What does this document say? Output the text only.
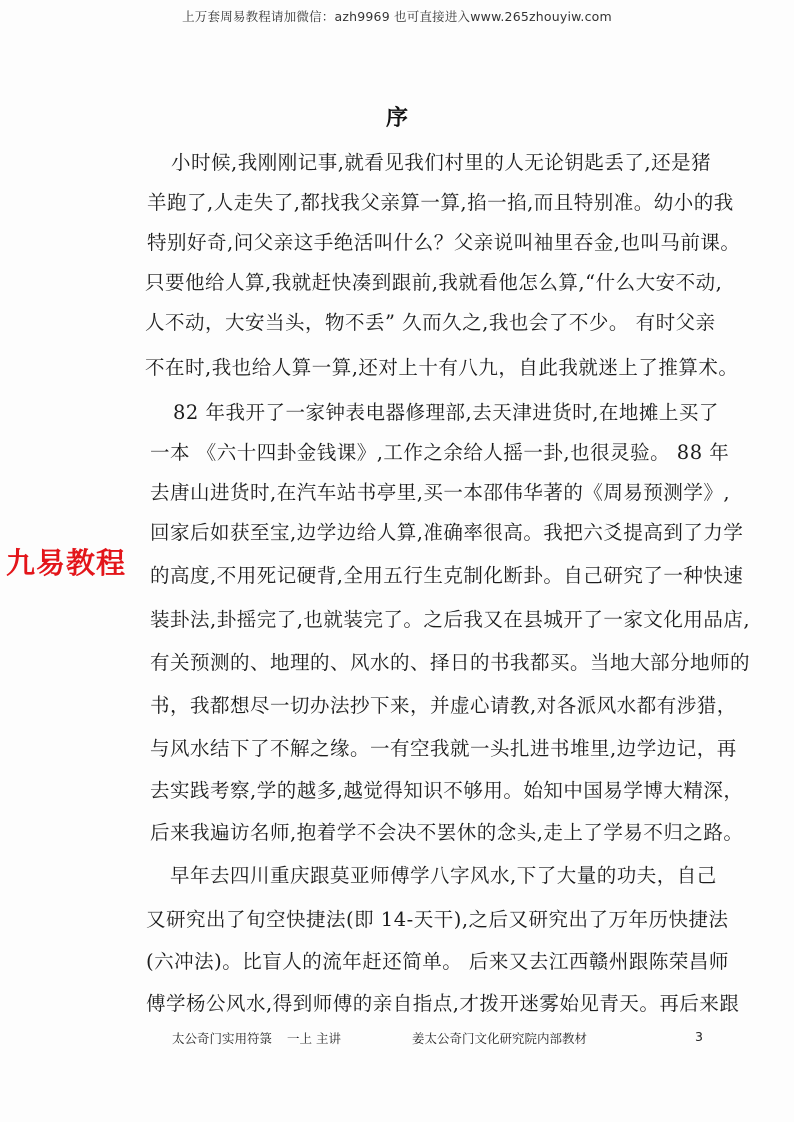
上万套周易教程请加微信：azh9969 也可直接进入www.265zhouyiw.com
序
小时候,我刚刚记事,就看见我们村里的人无论钥匙丢了,还是猪
羊跑了,人走失了,都找我父亲算一算,掐一掐,而且特别准。幼小的我
特别好奇,问父亲这手绝活叫什么？父亲说叫袖里吞金,也叫马前课。
只要他给人算,我就赶快凑到跟前,我就看他怎么算,“什么大安不动,
人不动，大安当头，物不丢” 久而久之,我也会了不少。 有时父亲
不在时,我也给人算一算,还对上十有八九，自此我就迷上了推算术。
82 年我开了一家钟表电器修理部,去天津进货时,在地摊上买了
一本 《六十四卦金钱课》,工作之余给人摇一卦,也很灵验。 88 年
去唐山进货时,在汽车站书亭里,买一本邵伟华著的《周易预测学》,
回家后如获至宝,边学边给人算,准确率很高。我把六爻提高到了力学
的高度,不用死记硬背,全用五行生克制化断卦。自己研究了一种快速
装卦法,卦摇完了,也就装完了。之后我又在县城开了一家文化用品店,
有关预测的、地理的、风水的、择日的书我都买。当地大部分地师的
书，我都想尽一切办法抄下来，并虚心请教,对各派风水都有涉猎，
与风水结下了不解之缘。一有空我就一头扎进书堆里,边学边记，再
去实践考察,学的越多,越觉得知识不够用。始知中国易学博大精深，
后来我遍访名师,抱着学不会决不罢休的念头,走上了学易不归之路。
早年去四川重庆跟莫亚师傅学八字风水,下了大量的功夫，自己
又研究出了旬空快捷法(即 14-天干),之后又研究出了万年历快捷法
(六冲法)。比盲人的流年赶还简单。 后来又去江西赣州跟陈荣昌师
傅学杨公风水,得到师傅的亲自指点,才拨开迷雾始见青天。再后来跟
九易教程
太公奇门实用符箓 一上 主讲	姜太公奇门文化研究院内部教材	3
